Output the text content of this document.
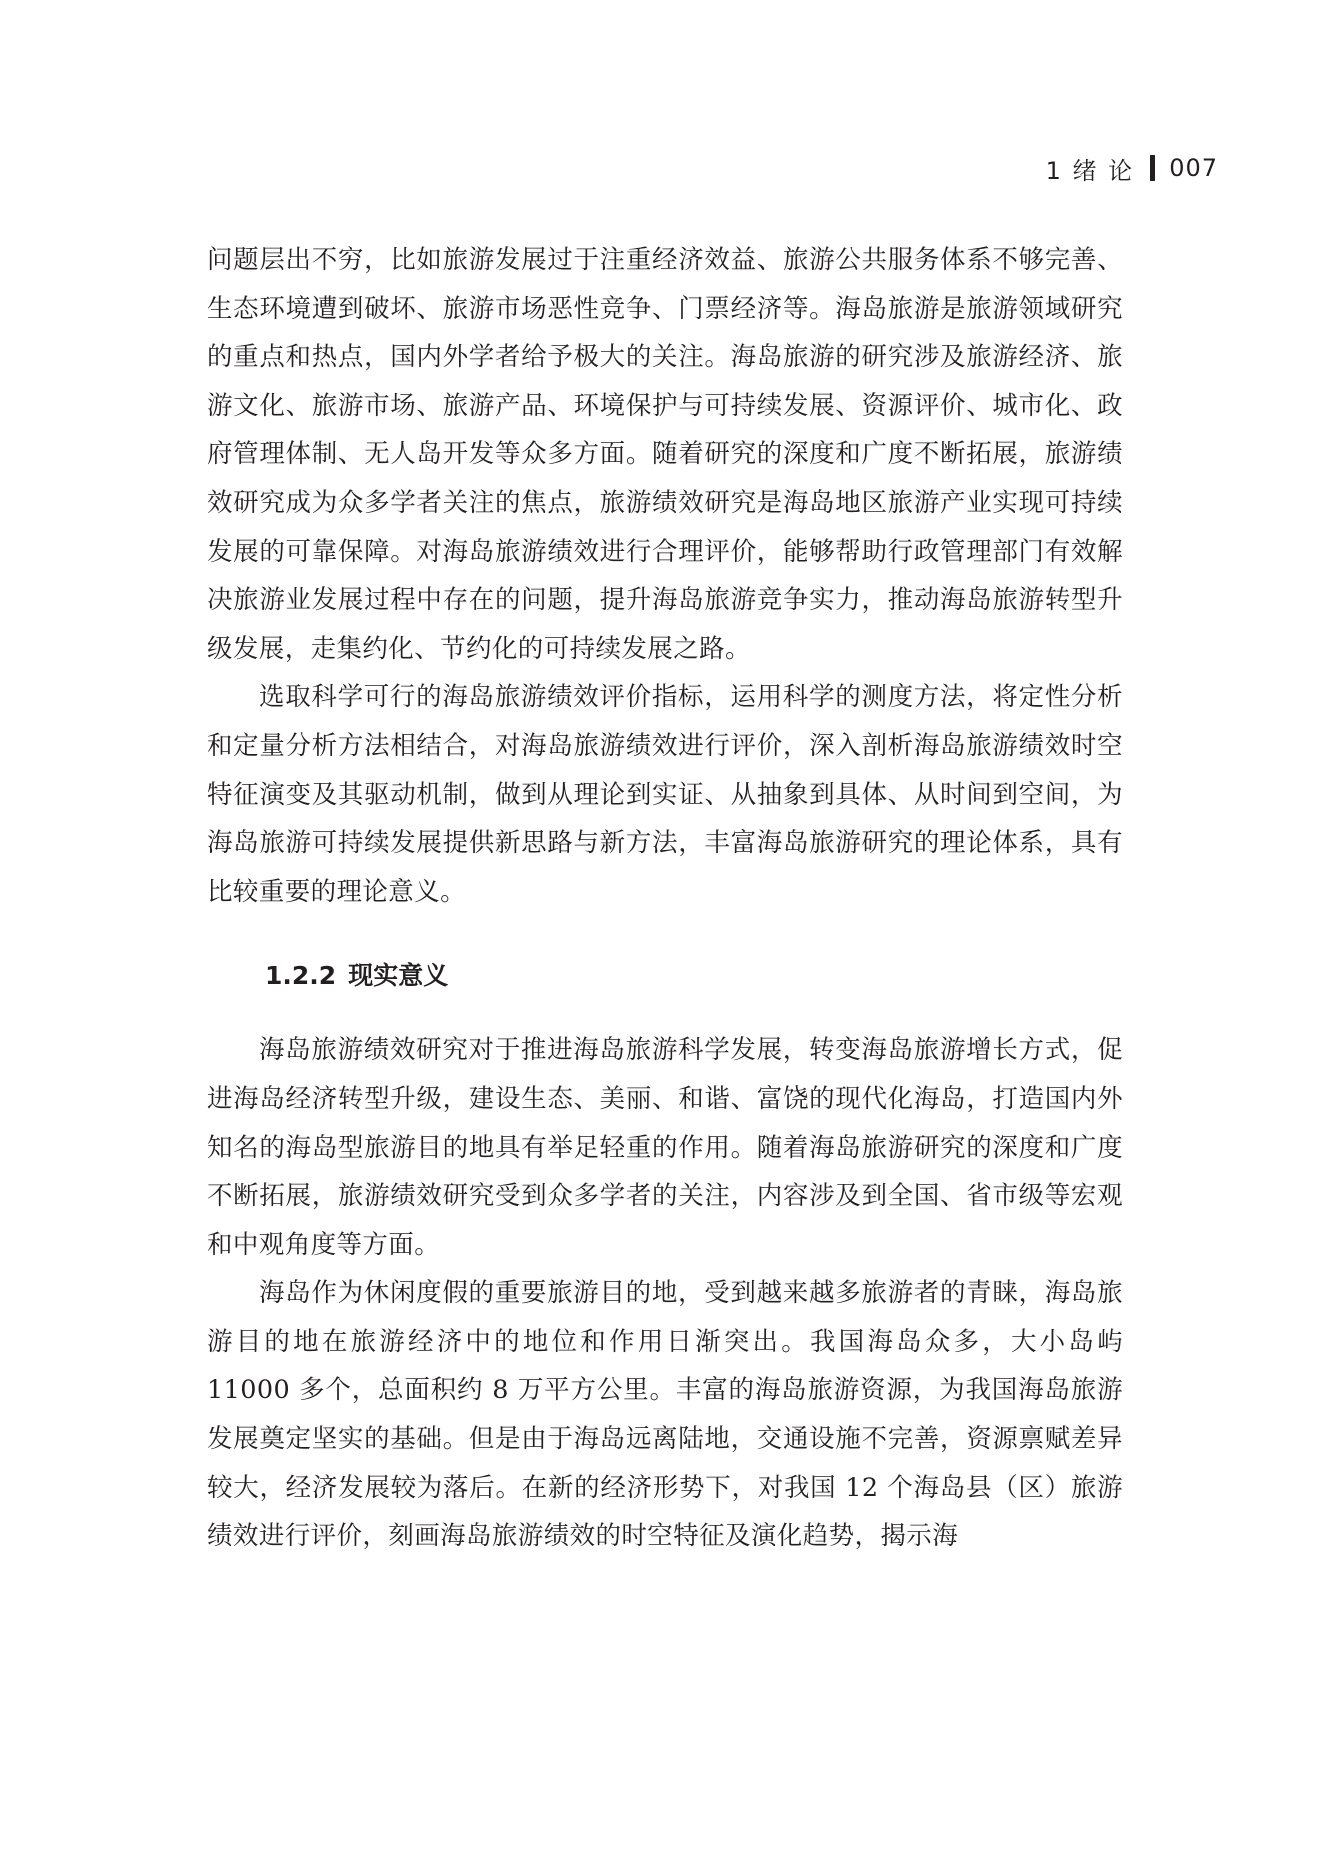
1 绪 论 007

问题层出不穷，比如旅游发展过于注重经济效益、旅游公共服务体系不够完善、生态环境遭到破坏、旅游市场恶性竞争、门票经济等。海岛旅游是旅游领域研究的重点和热点，国内外学者给予极大的关注。海岛旅游的研究涉及旅游经济、旅游文化、旅游市场、旅游产品、环境保护与可持续发展、资源评价、城市化、政府管理体制、无人岛开发等众多方面。随着研究的深度和广度不断拓展，旅游绩效研究成为众多学者关注的焦点，旅游绩效研究是海岛地区旅游产业实现可持续发展的可靠保障。对海岛旅游绩效进行合理评价，能够帮助行政管理部门有效解决旅游业发展过程中存在的问题，提升海岛旅游竞争实力，推动海岛旅游转型升级发展，走集约化、节约化的可持续发展之路。

选取科学可行的海岛旅游绩效评价指标，运用科学的测度方法，将定性分析和定量分析方法相结合，对海岛旅游绩效进行评价，深入剖析海岛旅游绩效时空特征演变及其驱动机制，做到从理论到实证、从抽象到具体、从时间到空间，为海岛旅游可持续发展提供新思路与新方法，丰富海岛旅游研究的理论体系，具有比较重要的理论意义。

1.2.2 现实意义

海岛旅游绩效研究对于推进海岛旅游科学发展，转变海岛旅游增长方式，促进海岛经济转型升级，建设生态、美丽、和谐、富饶的现代化海岛，打造国内外知名的海岛型旅游目的地具有举足轻重的作用。随着海岛旅游研究的深度和广度不断拓展，旅游绩效研究受到众多学者的关注，内容涉及到全国、省市级等宏观和中观角度等方面。

海岛作为休闲度假的重要旅游目的地，受到越来越多旅游者的青睐，海岛旅游目的地在旅游经济中的地位和作用日渐突出。我国海岛众多，大小岛屿 11000 多个，总面积约 8 万平方公里。丰富的海岛旅游资源，为我国海岛旅游发展奠定坚实的基础。但是由于海岛远离陆地，交通设施不完善，资源禀赋差异较大，经济发展较为落后。在新的经济形势下，对我国 12 个海岛县（区）旅游绩效进行评价，刻画海岛旅游绩效的时空特征及演化趋势，揭示海
